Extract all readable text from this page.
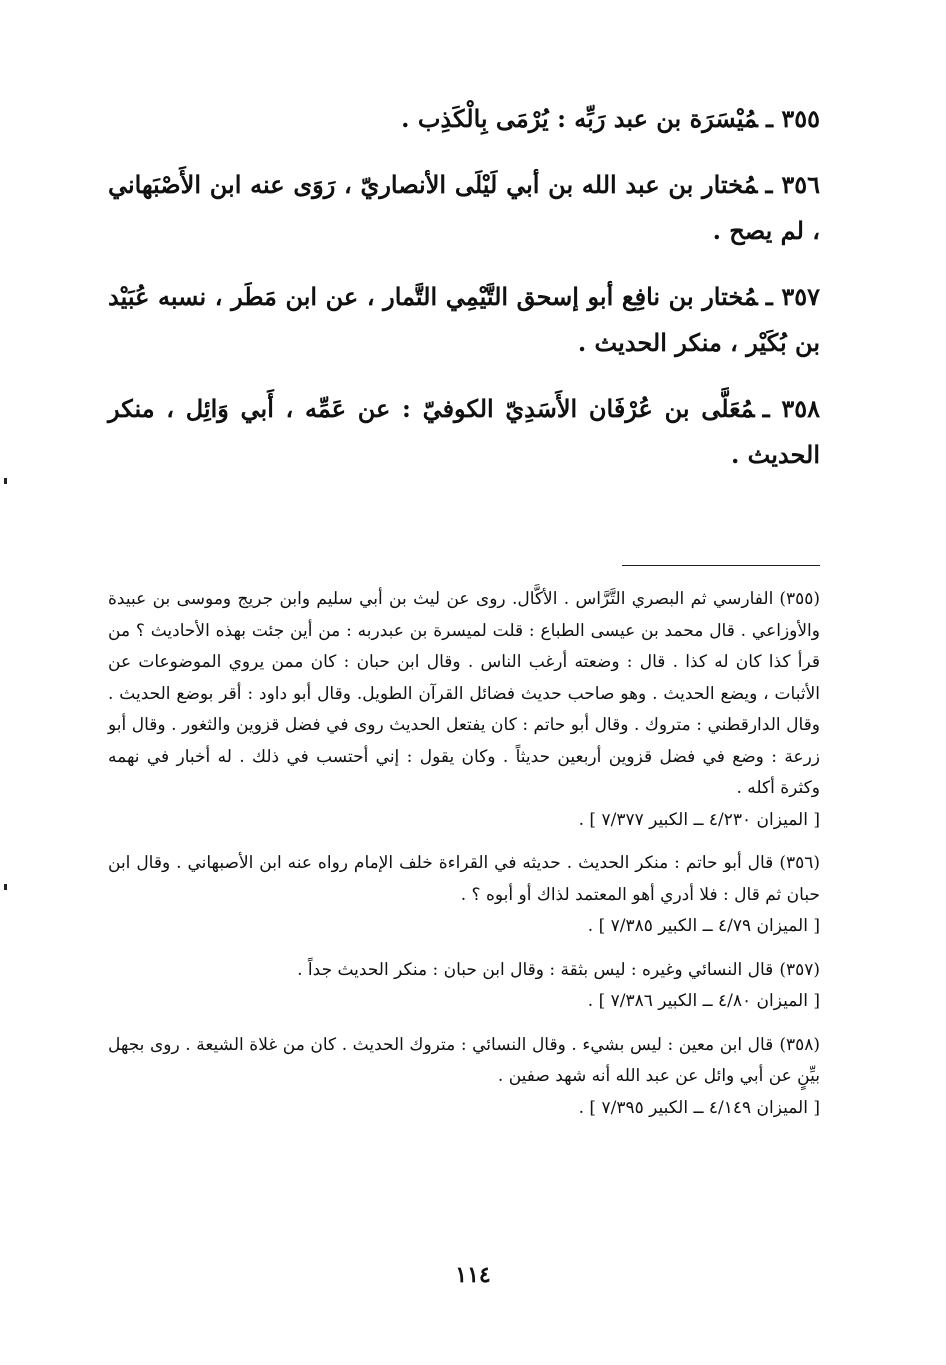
٣٥٥ ـمُيْسَرَة بن عبد رَبِّه : يُرْمَى بِالْكَذِب .

٣٥٦ ـمُختار بن عبد الله بن أبي لَيْلَى الأنصاريّ ، رَوَى عنه ابن الأَصْبَهاني ، لم يصح .

٣٥٧ ـمُختار بن نافِع أبو إسحق التَّيْمِي التَّمار ، عن ابن مَطَر ، نسبه عُبَيْد بن بُكَيْر ، منكر الحديث .

٣٥٨ ـمُعَلَّى بن عُرْفَان الأَسَدِيّ الكوفيّ : عن عَمِّه ، أَبي وَائِل ، منكر الحديث .

(٣٥٥)الفارسي ثم البصري التَّرَّاس . الأكَّال. روى عن ليث بن أبي سليم وابن جريج وموسى بن عبيدة والأوزاعي . قال محمد بن عيسى الطباع : قلت لميسرة بن عبدربه : من أين جئت بهذه الأحاديث ؟ من قرأ كذا كان له كذا . قال : وضعته أرغب الناس . وقال ابن حبان : كان ممن يروي الموضوعات عن الأثبات ، ويضع الحديث . وهو صاحب حديث فضائل القرآن الطويل. وقال أبو داود : أقر بوضع الحديث . وقال الدارقطني : متروك . وقال أبو حاتم : كان يفتعل الحديث روى في فضل قزوين والثغور . وقال أبو زرعة : وضع في فضل قزوين أربعين حديثاً . وكان يقول : إني أحتسب في ذلك . له أخبار في نهمه وكثرة أكله .
[ الميزان ٤/٢٣٠ ــ الكبير ٧/٣٧٧ ] .

(٣٥٦)قال أبو حاتم : منكر الحديث . حديثه في القراءة خلف الإمام رواه عنه ابن الأصبهاني . وقال ابن حبان ثم قال : فلا أدري أهو المعتمد لذاك أو أبوه ؟ .
[ الميزان ٤/٧٩ ــ الكبير ٧/٣٨٥ ] .

(٣٥٧)قال النسائي وغيره : ليس بثقة : وقال ابن حبان : منكر الحديث جداً .
[ الميزان ٤/٨٠ ــ الكبير ٧/٣٨٦ ] .

(٣٥٨)قال ابن معين : ليس بشيء . وقال النسائي : متروك الحديث . كان من غلاة الشيعة . روى بجهل بيِّنٍ عن أبي وائل عن عبد الله أنه شهد صفين .
[ الميزان ٤/١٤٩ ــ الكبير ٧/٣٩٥ ] .

١١٤
